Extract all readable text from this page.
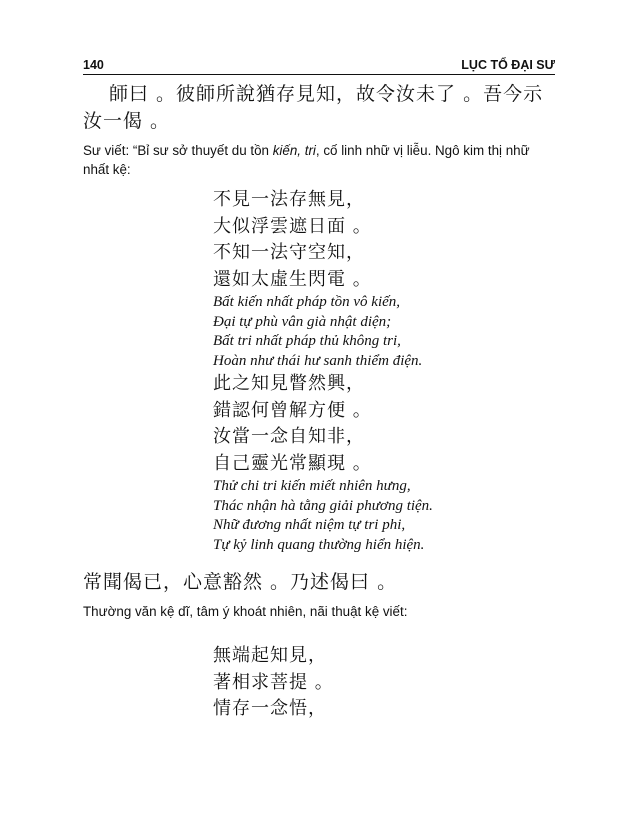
140	LỤC TỔ ĐẠI SƯ

師曰 。彼師所說猶存見知，故令汝未了 。吾今示汝一偈 。

Sư viết: “Bỉ sư sở thuyết du tồn kiến, tri, cố linh nhữ vị liễu. Ngô kim thị nhữ nhất kệ:

不見一法存無見，
大似浮雲遮日面 。
不知一法守空知，
還如太虛生閃電 。
Bất kiến nhất pháp tồn vô kiến,
Đại tự phù vân già nhật diện;
Bất tri nhất pháp thủ không tri,
Hoàn như thái hư sanh thiểm điện.
此之知見瞥然興，
錯認何曾解方便 。
汝當一念自知非，
自己靈光常顯現 。
Thử chi tri kiến miết nhiên hưng,
Thác nhận hà tằng giải phương tiện.
Nhữ đương nhất niệm tự tri phi,
Tự kỷ linh quang thường hiển hiện.

常聞偈已，心意豁然 。乃述偈曰 。

Thường văn kệ dĩ, tâm ý khoát nhiên, nãi thuật kệ viết:

無端起知見，
著相求菩提 。
情存一念悟，
